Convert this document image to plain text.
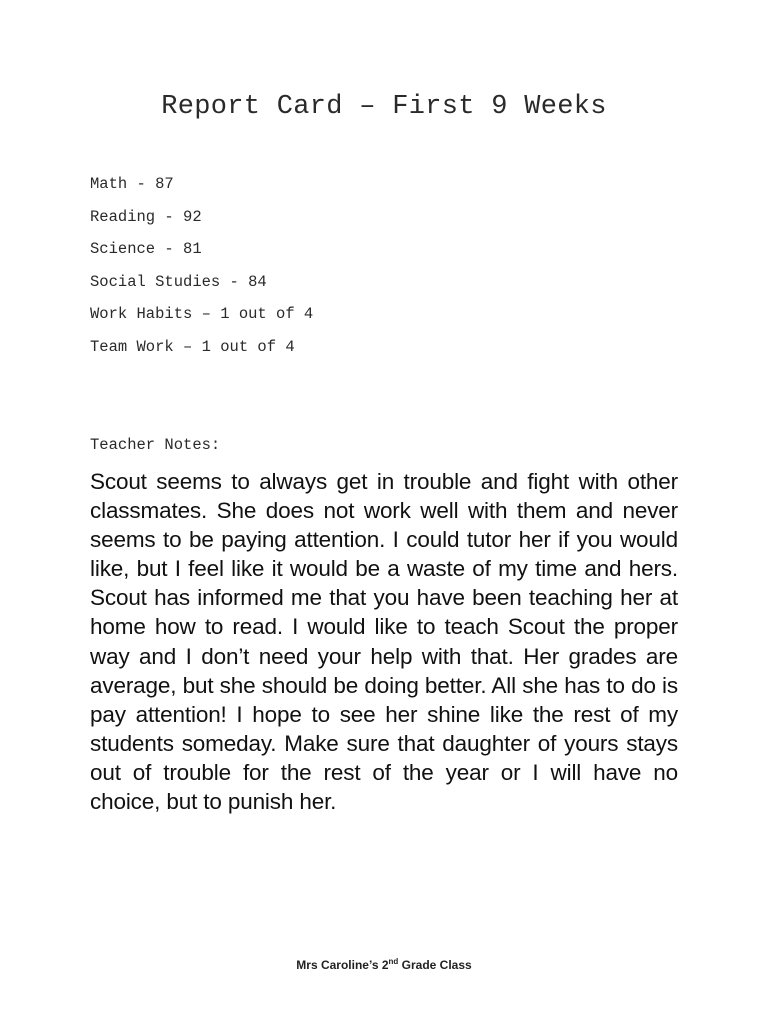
Report Card – First 9 Weeks
Math - 87
Reading - 92
Science - 81
Social Studies - 84
Work Habits – 1 out of 4
Team Work – 1 out of 4
Teacher Notes:

Scout seems to always get in trouble and fight with other classmates. She does not work well with them and never seems to be paying attention. I could tutor her if you would like, but I feel like it would be a waste of my time and hers. Scout has informed me that you have been teaching her at home how to read. I would like to teach Scout the proper way and I don’t need your help with that. Her grades are average, but she should be doing better. All she has to do is pay attention! I hope to see her shine like the rest of my students someday. Make sure that daughter of yours stays out of trouble for the rest of the year or I will have no choice, but to punish her.

Mrs Caroline’s 2nd Grade Class
